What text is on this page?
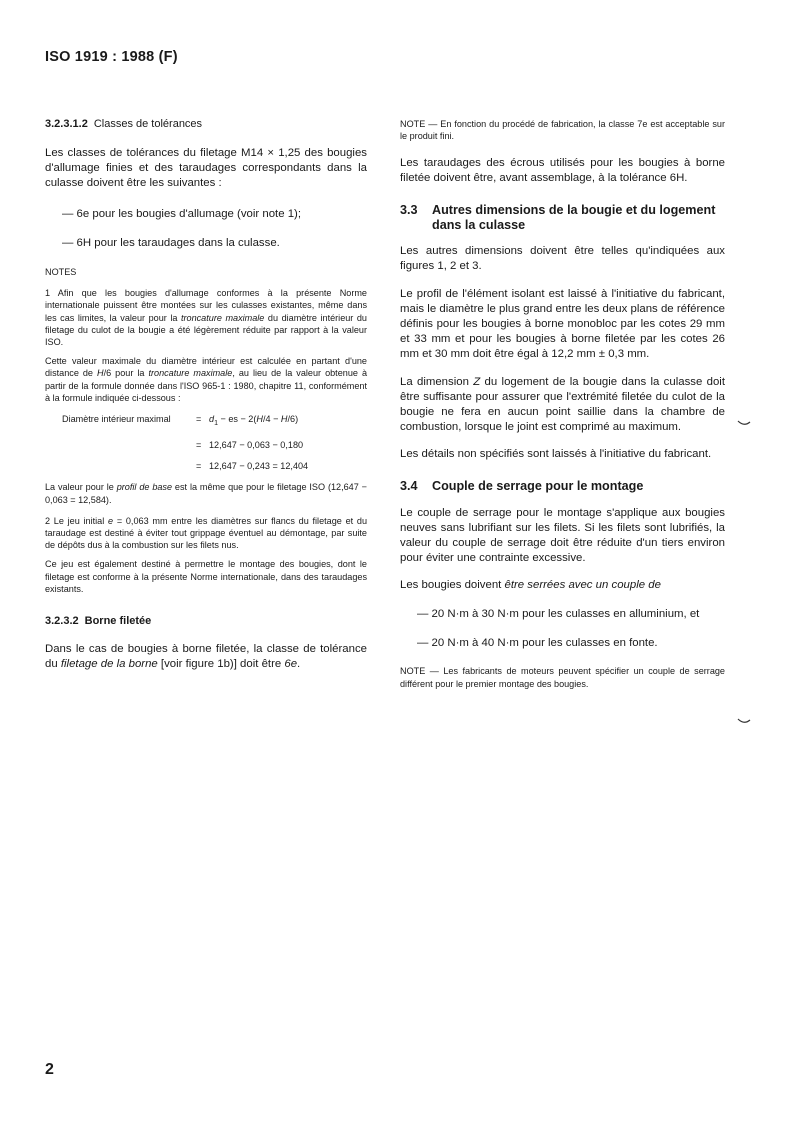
ISO 1919 : 1988 (F)
3.2.3.1.2 Classes de tolérances

Les classes de tolérances du filetage M14 × 1,25 des bougies d'allumage finies et des taraudages correspondants dans la culasse doivent être les suivantes :

— 6e pour les bougies d'allumage (voir note 1);

— 6H pour les taraudages dans la culasse.

NOTES

1 Afin que les bougies d'allumage conformes à la présente Norme internationale puissent être montées sur les culasses existantes, même dans les cas limites, la valeur pour la troncature maximale du diamètre intérieur du filetage du culot de la bougie a été légèrement réduite par rapport à la valeur ISO.

Cette valeur maximale du diamètre intérieur est calculée en partant d'une distance de H/6 pour la troncature maximale, au lieu de la valeur obtenue à partir de la formule donnée dans l'ISO 965-1 : 1980, chapitre 11, conformément à la formule indiquée ci-dessous :

Diamètre intérieur maximal	= $d_1$ − es − 2(H/4 − H/6)
= 12,647 − 0,063 − 0,180
= 12,647 − 0,243 = 12,404

La valeur pour le profil de base est la même que pour le filetage ISO (12,647 − 0,063 = 12,584).

2 Le jeu initial e = 0,063 mm entre les diamètres sur flancs du filetage et du taraudage est destiné à éviter tout grippage éventuel au démontage, par suite de dépôts dus à la combustion sur les filets nus.

Ce jeu est également destiné à permettre le montage des bougies, dont le filetage est conforme à la présente Norme internationale, dans des taraudages existants.

3.2.3.2 Borne filetée

Dans le cas de bougies à borne filetée, la classe de tolérance du filetage de la borne [voir figure 1b)] doit être 6e.

NOTE — En fonction du procédé de fabrication, la classe 7e est acceptable sur le produit fini.

Les taraudages des écrous utilisés pour les bougies à borne filetée doivent être, avant assemblage, à la tolérance 6H.

3.3	Autres dimensions de la bougie et du logement dans la culasse

Les autres dimensions doivent être telles qu'indiquées aux figures 1, 2 et 3.

Le profil de l'élément isolant est laissé à l'initiative du fabricant, mais le diamètre le plus grand entre les deux plans de référence définis pour les bougies à borne monobloc par les cotes 29 mm et 33 mm et pour les bougies à borne filetée par les cotes 26 mm et 30 mm doit être égal à 12,2 mm ± 0,3 mm.

La dimension Z du logement de la bougie dans la culasse doit être suffisante pour assurer que l'extrémité filetée du culot de la bougie ne fera en aucun point saillie dans la chambre de combustion, lorsque le joint est comprimé au maximum.

Les détails non spécifiés sont laissés à l'initiative du fabricant.

3.4	Couple de serrage pour le montage

Le couple de serrage pour le montage s'applique aux bougies neuves sans lubrifiant sur les filets. Si les filets sont lubrifiés, la valeur du couple de serrage doit être réduite d'un tiers environ pour éviter une contrainte excessive.

Les bougies doivent être serrées avec un couple de

— 20 N·m à 30 N·m pour les culasses en alluminium, et

— 20 N·m à 40 N·m pour les culasses en fonte.

NOTE — Les fabricants de moteurs peuvent spécifier un couple de serrage différent pour le premier montage des bougies.

2
